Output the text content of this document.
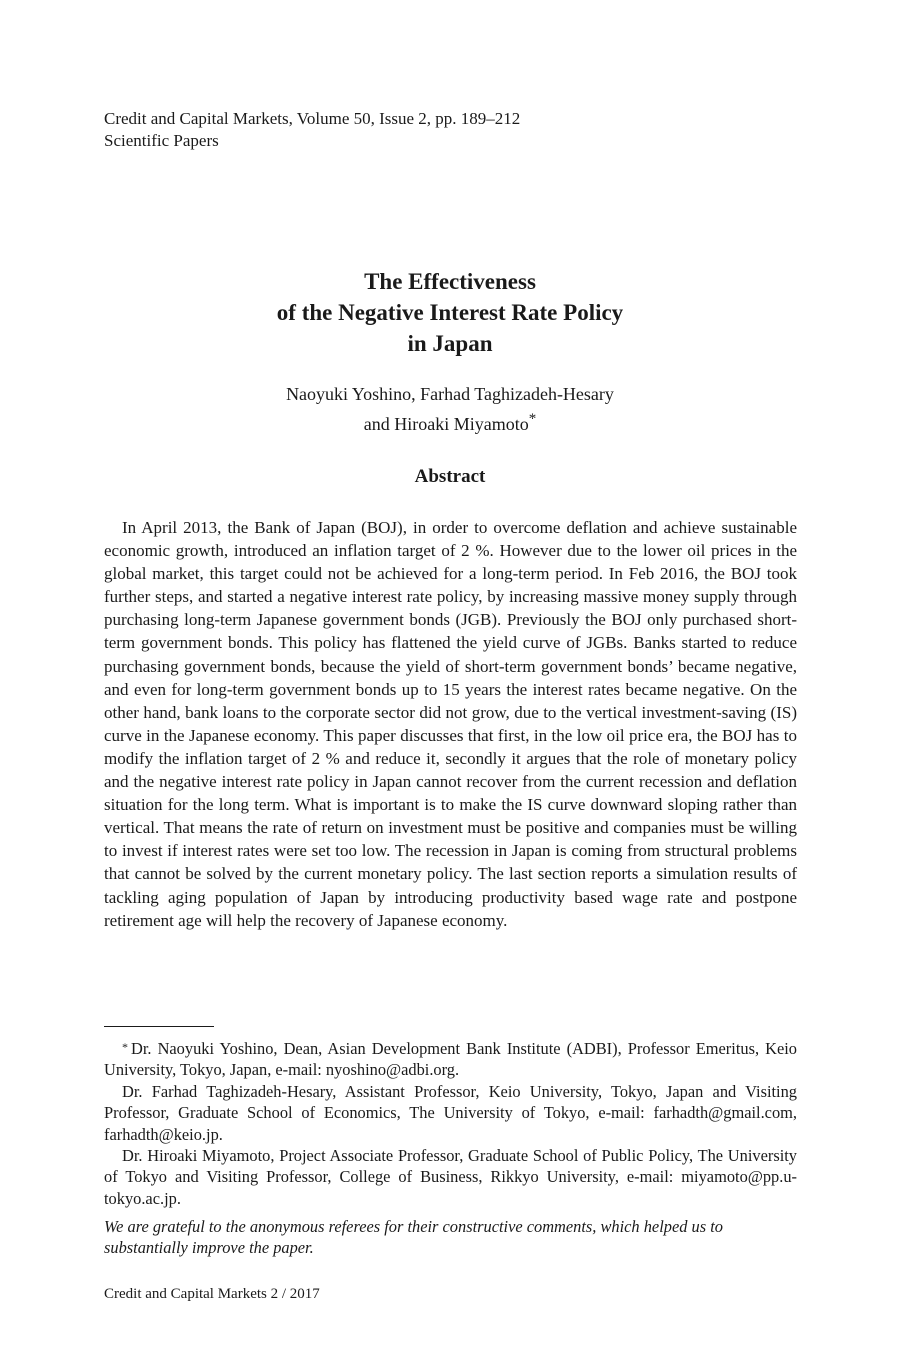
Credit and Capital Markets, Volume 50, Issue 2, pp. 189–212
Scientific Papers
The Effectiveness
of the Negative Interest Rate Policy
in Japan
Naoyuki Yoshino, Farhad Taghizadeh-Hesary
and Hiroaki Miyamoto*
Abstract

In April 2013, the Bank of Japan (BOJ), in order to overcome deflation and achieve sustainable economic growth, introduced an inflation target of 2 %. However due to the lower oil prices in the global market, this target could not be achieved for a long-term period. In Feb 2016, the BOJ took further steps, and started a negative interest rate policy, by increasing massive money supply through purchasing long-term Japanese government bonds (JGB). Previously the BOJ only purchased short-term government bonds. This policy has flattened the yield curve of JGBs. Banks started to reduce purchasing government bonds, because the yield of short-term government bonds’ became negative, and even for long-term government bonds up to 15 years the interest rates became negative. On the other hand, bank loans to the corporate sector did not grow, due to the vertical investment-saving (IS) curve in the Japanese economy. This paper discusses that first, in the low oil price era, the BOJ has to modify the inflation target of 2 % and reduce it, secondly it argues that the role of monetary policy and the negative interest rate policy in Japan cannot recover from the current recession and deflation situation for the long term. What is important is to make the IS curve downward sloping rather than vertical. That means the rate of return on investment must be positive and companies must be willing to invest if interest rates were set too low. The recession in Japan is coming from structural problems that cannot be solved by the current monetary policy. The last section reports a simulation results of tackling aging population of Japan by introducing productivity based wage rate and postpone retirement age will help the recovery of Japanese economy.

* Dr. Naoyuki Yoshino, Dean, Asian Development Bank Institute (ADBI), Professor Emeritus, Keio University, Tokyo, Japan, e-mail: nyoshino@adbi.org.

Dr. Farhad Taghizadeh-Hesary, Assistant Professor, Keio University, Tokyo, Japan and Visiting Professor, Graduate School of Economics, The University of Tokyo, e-mail: farhadth@gmail.com, farhadth@keio.jp.

Dr. Hiroaki Miyamoto, Project Associate Professor, Graduate School of Public Policy, The University of Tokyo and Visiting Professor, College of Business, Rikkyo University, e-mail: miyamoto@pp.u-tokyo.ac.jp.

We are grateful to the anonymous referees for their constructive comments, which helped us to substantially improve the paper.

Credit and Capital Markets 2 / 2017
